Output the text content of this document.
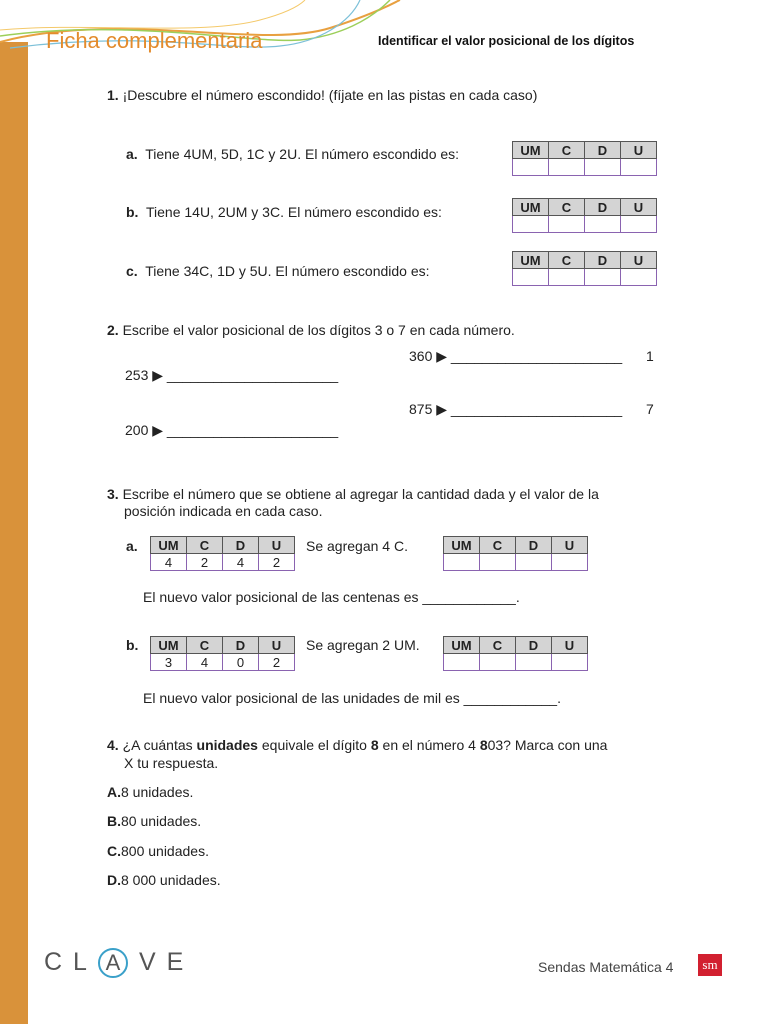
Ficha complementaria	Identificar el valor posicional de los dígitos
1. ¡Descubre el número escondido! (fíjate en las pistas en cada caso)
a. Tiene 4UM, 5D, 1C y 2U. El número escondido es:	UM	C	D	U

b. Tiene 14U, 2UM y 3C. El número escondido es:	UM	C	D	U

c. Tiene 34C, 1D y 5U. El número escondido es:
UM	C	D	U

2. Escribe el valor posicional de los dígitos 3 o 7 en cada número.
360 ▶ ______________________ 1
253 ▶ ______________________
875 ▶ ______________________ 7
200 ▶ ______________________
3. Escribe el número que se obtiene al agregar la cantidad dada y el valor de la
posición indicada en cada caso.
a. UM	C	D	U
4	2	4	2
Se agregan 4 C.	UM	C	D	U

El nuevo valor posicional de las centenas es ____________.
b. UM	C	D	U
3	4	0	2
Se agregan 2 UM. UM	C	D	U

El nuevo valor posicional de las unidades de mil es ____________.
4. ¿A cuántas unidades equivale el dígito 8 en el número 4 803? Marca con una
X tu respuesta.
A.8 unidades.
B.80 unidades.
C.800 unidades.
D.8 000 unidades.
CL A VE	Sendas Matemática 4	sm
